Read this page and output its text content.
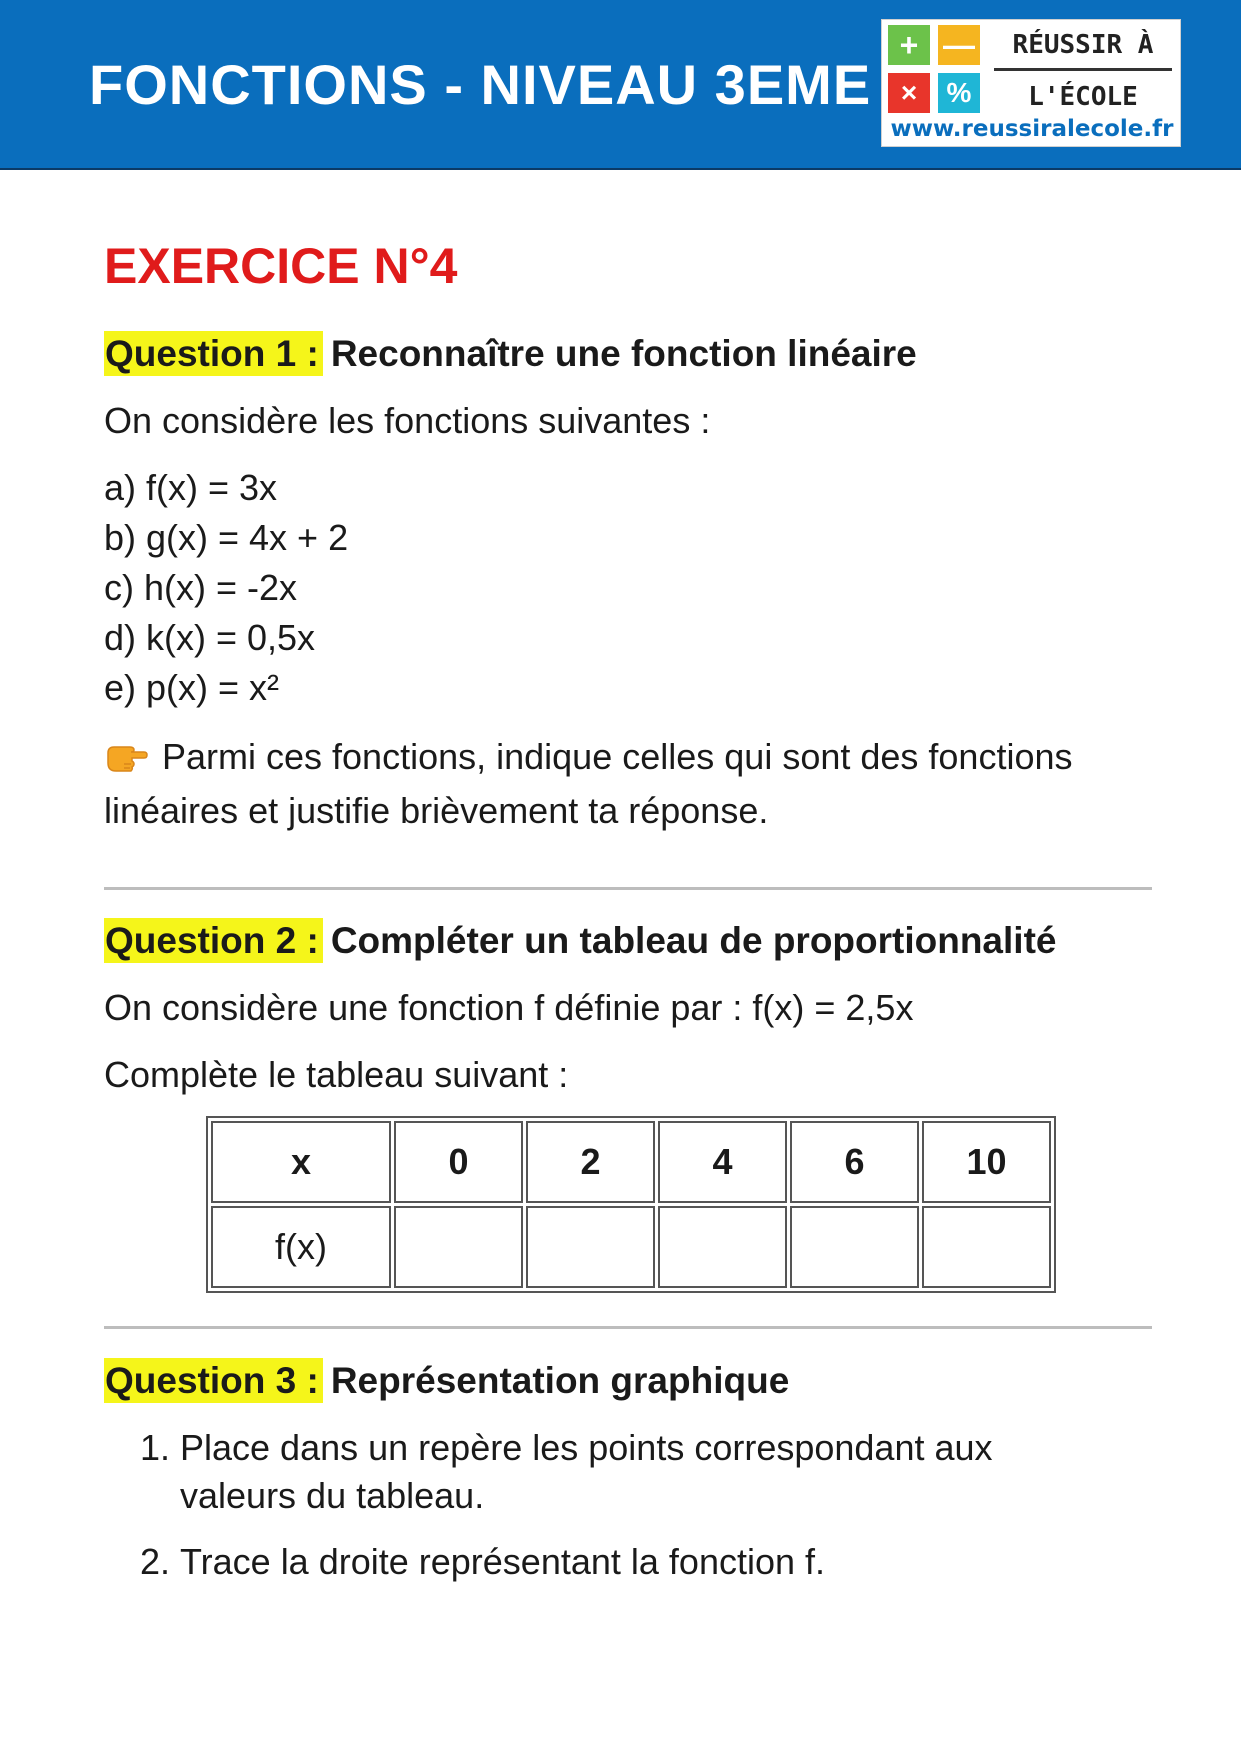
FONCTIONS - NIVEAU 3EME
+ —
×	%
RÉUSSIR À
L'ÉCOLE
www.reussiralecole.fr
EXERCICE N°4
Question 1 : Reconnaître une fonction linéaire
On considère les fonctions suivantes :
a) f(x) = 3x
b) g(x) = 4x + 2
c) h(x) = -2x
d) k(x) = 0,5x
e) p(x) = x²
Parmi ces fonctions, indique celles qui sont des fonctions linéaires et justifie brièvement ta réponse.
Question 2 : Compléter un tableau de proportionnalité
On considère une fonction f définie par : f(x) = 2,5x
Complète le tableau suivant :
x	0	2	4	6	10
f(x)					
Question 3 : Représentation graphique
1. Place dans un repère les points correspondant aux
valeurs du tableau.
2. Trace la droite représentant la fonction f.
